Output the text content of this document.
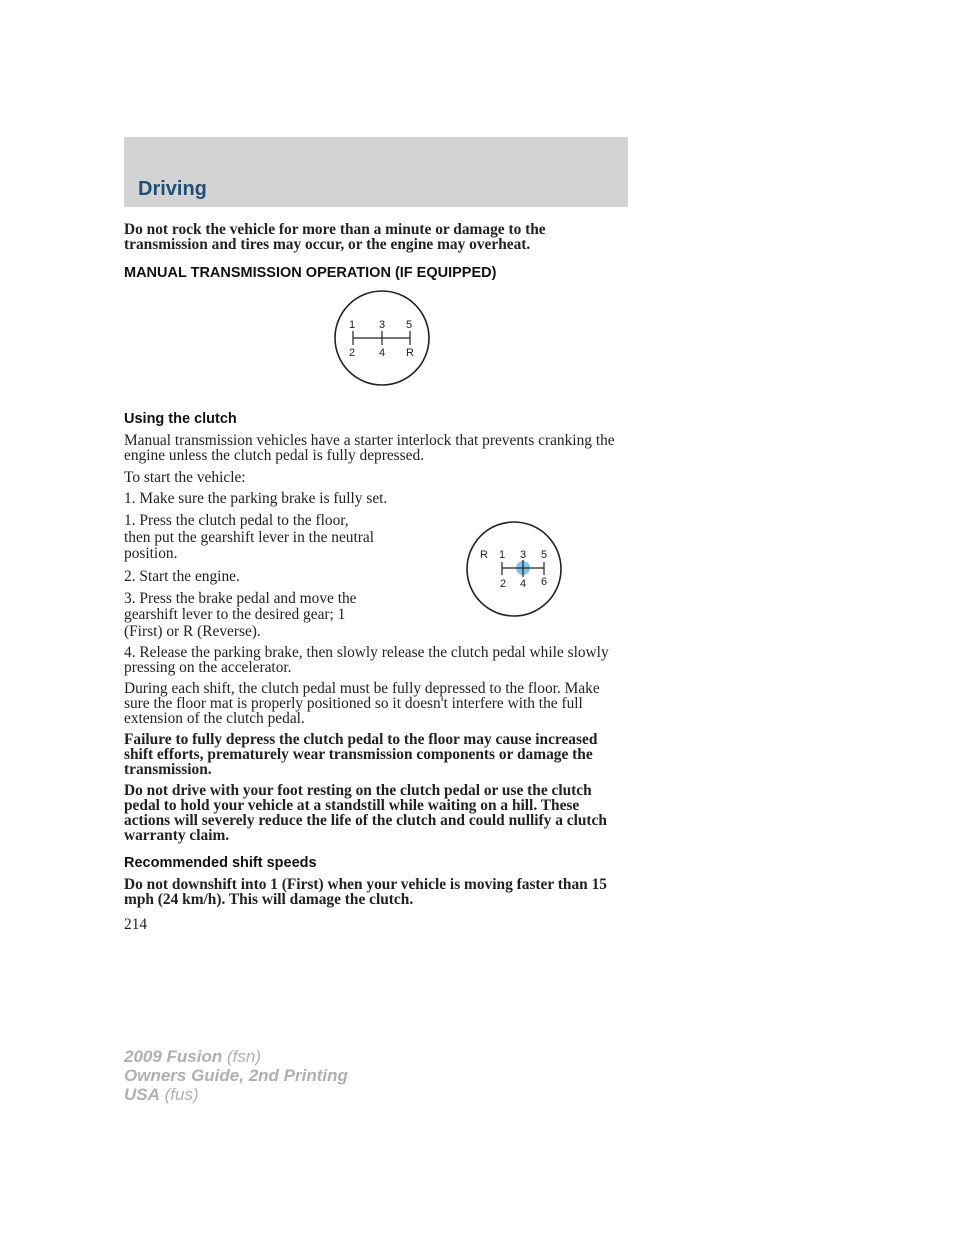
Driving

Do not rock the vehicle for more than a minute or damage to the transmission and tires may occur, or the engine may overheat.

MANUAL TRANSMISSION OPERATION (IF EQUIPPED)

1 3 5
2 4 R

Using the clutch

Manual transmission vehicles have a starter interlock that prevents cranking the engine unless the clutch pedal is fully depressed.

To start the vehicle:

1. Make sure the parking brake is fully set.

1. Press the clutch pedal to the floor, then put the gearshift lever in the neutral position.

2. Start the engine.

3. Press the brake pedal and move the gearshift lever to the desired gear; 1 (First) or R (Reverse).

4. Release the parking brake, then slowly release the clutch pedal while slowly pressing on the accelerator.

During each shift, the clutch pedal must be fully depressed to the floor. Make sure the floor mat is properly positioned so it doesn't interfere with the full extension of the clutch pedal.

Failure to fully depress the clutch pedal to the floor may cause increased shift efforts, prematurely wear transmission components or damage the transmission.

Do not drive with your foot resting on the clutch pedal or use the clutch pedal to hold your vehicle at a standstill while waiting on a hill. These actions will severely reduce the life of the clutch and could nullify a clutch warranty claim.

Recommended shift speeds

Do not downshift into 1 (First) when your vehicle is moving faster than 15 mph (24 km/h). This will damage the clutch.

214

R 1 3 5
2 4 6
2009 Fusion (fsn)
Owners Guide, 2nd Printing
USA (fus)
